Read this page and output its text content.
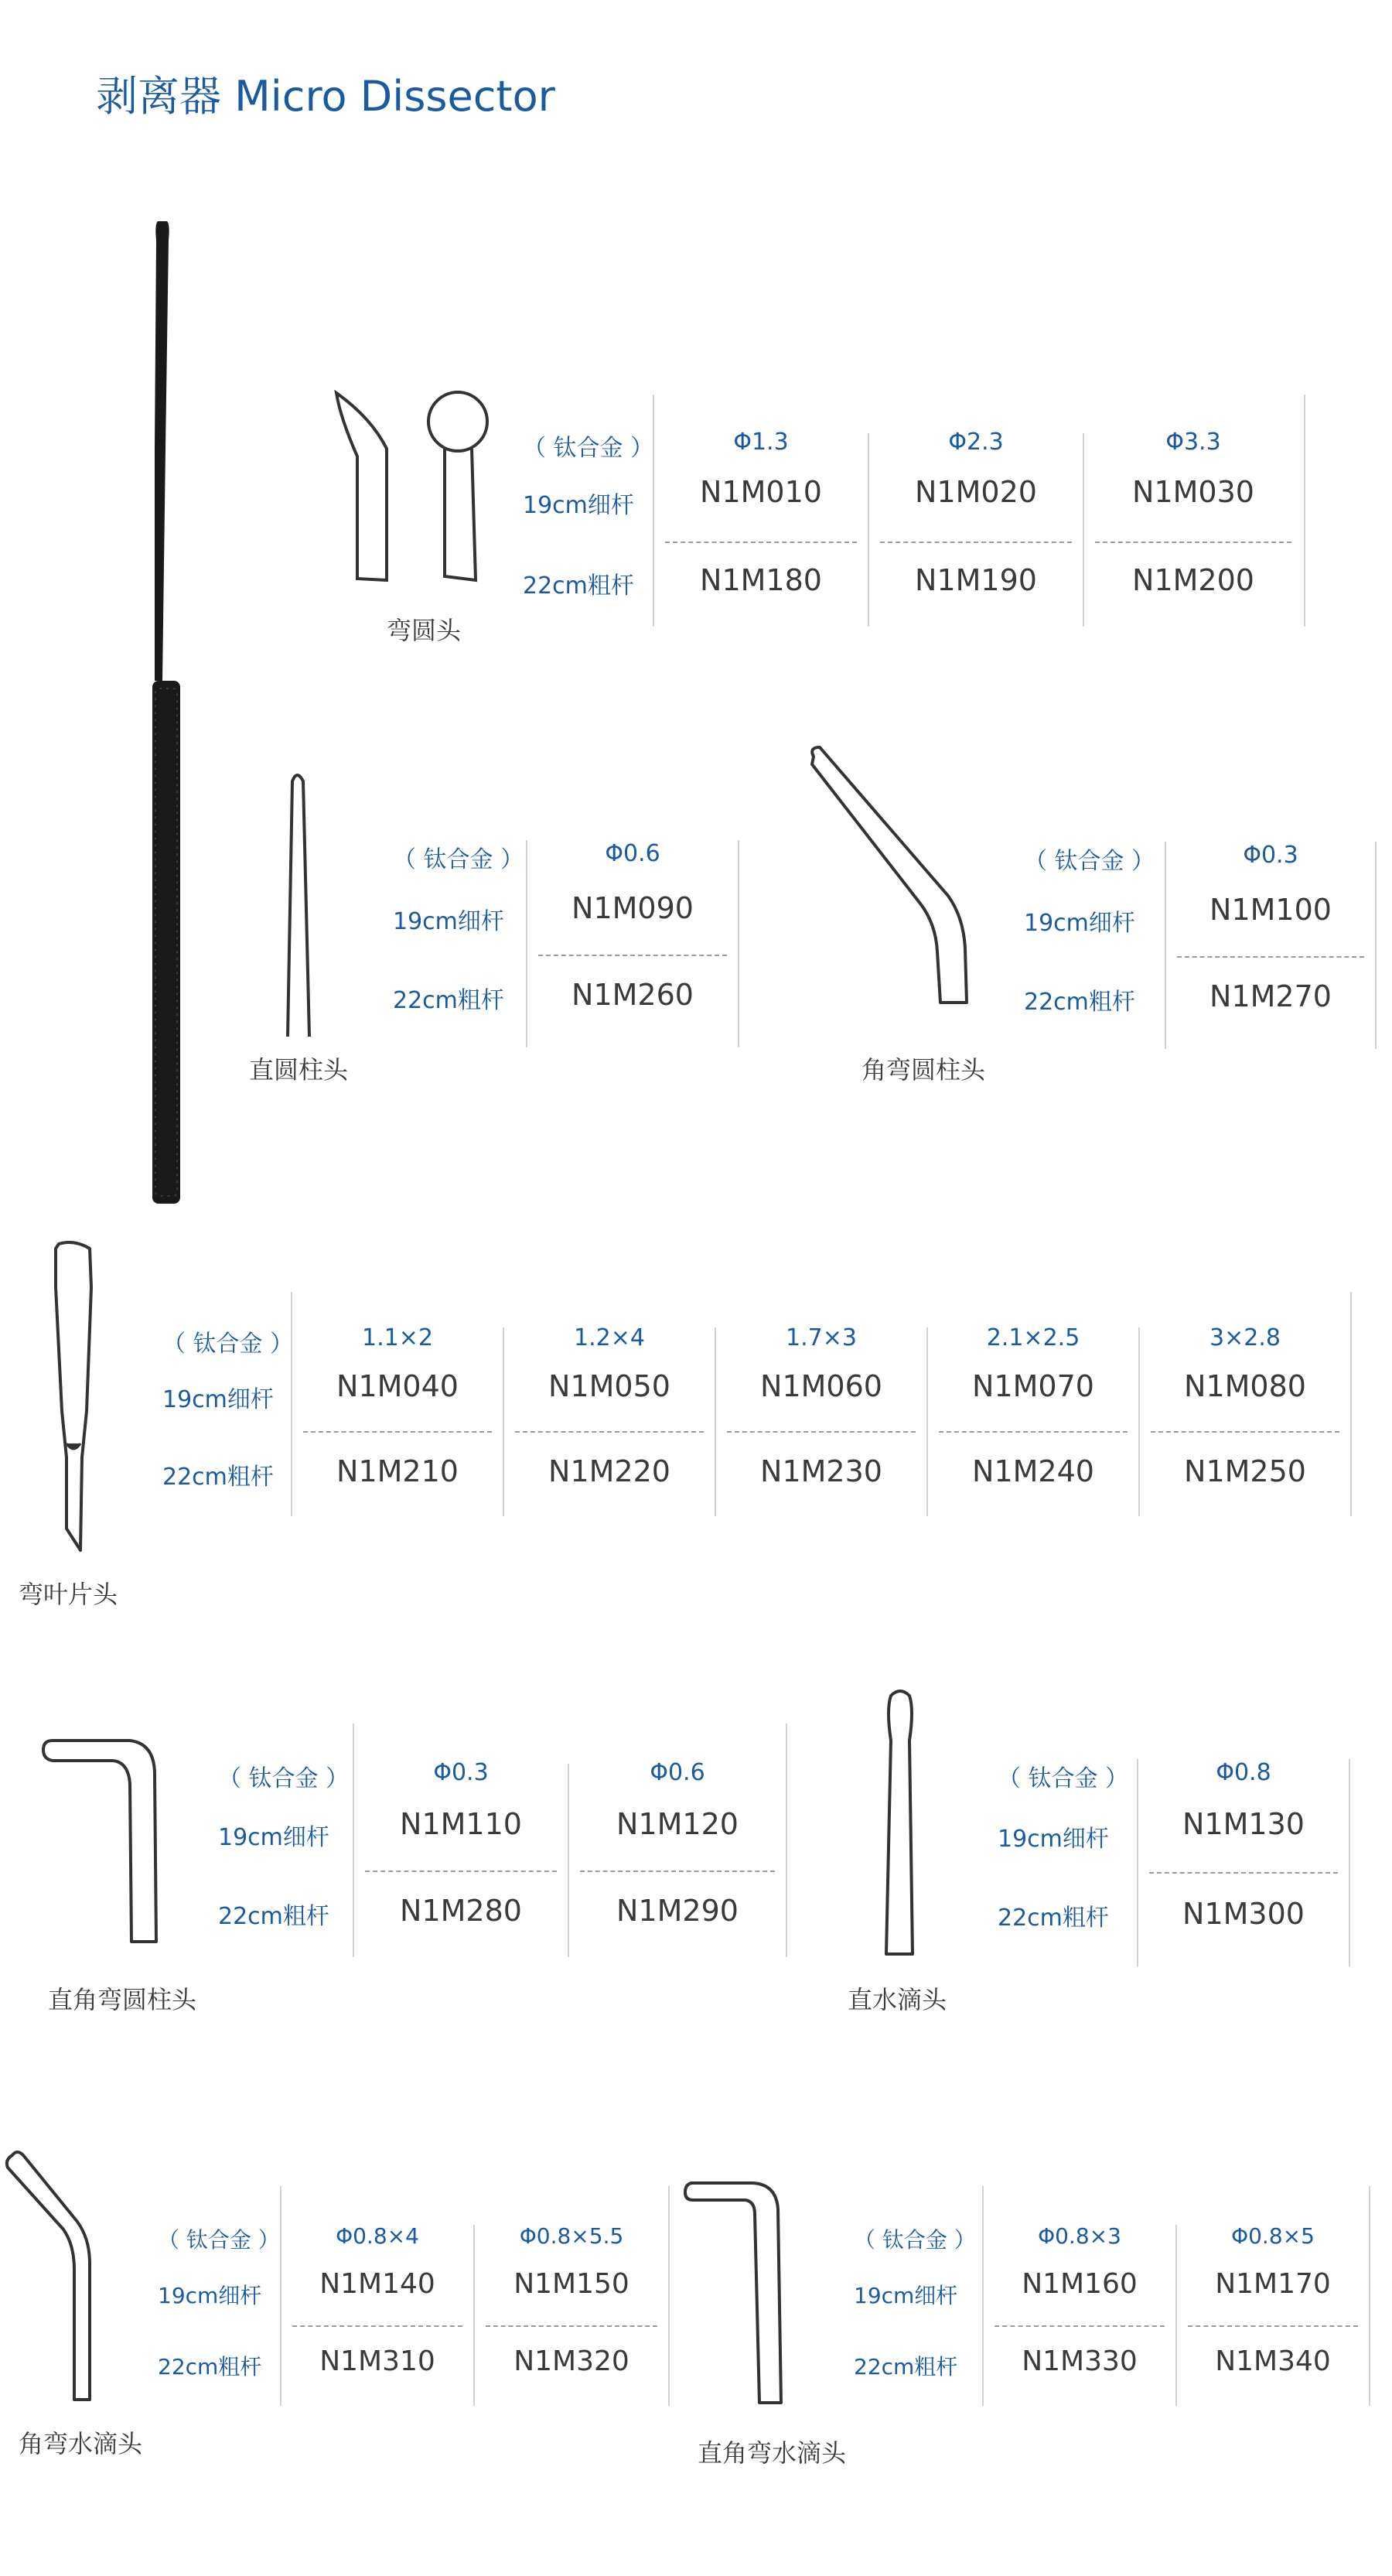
剥离器 Micro Dissector
弯圆头
（ 钛合金 ）
19cm细杆
22cm粗杆
Φ1.3
N1M010
N1M180
Φ2.3
N1M020
N1M190
Φ3.3
N1M030
N1M200
直圆柱头
（ 钛合金 ）
19cm细杆
22cm粗杆
Φ0.6
N1M090
N1M260
角弯圆柱头
（ 钛合金 ）
19cm细杆
22cm粗杆
Φ0.3
N1M100
N1M270
弯叶片头
（ 钛合金 ）
19cm细杆
22cm粗杆
1.1×2
N1M040
N1M210
1.2×4
N1M050
N1M220
1.7×3
N1M060
N1M230
2.1×2.5
N1M070
N1M240
3×2.8
N1M080
N1M250
直角弯圆柱头
（ 钛合金 ）
19cm细杆
22cm粗杆
Φ0.3
N1M110
N1M280
Φ0.6
N1M120
N1M290
直水滴头
（ 钛合金 ）
19cm细杆
22cm粗杆
Φ0.8
N1M130
N1M300
角弯水滴头
（ 钛合金 ）
19cm细杆
22cm粗杆
Φ0.8×4
N1M140
N1M310
Φ0.8×5.5
N1M150
N1M320
直角弯水滴头
（ 钛合金 ）
19cm细杆
22cm粗杆
Φ0.8×3
N1M160
N1M330
Φ0.8×5
N1M170
N1M340
